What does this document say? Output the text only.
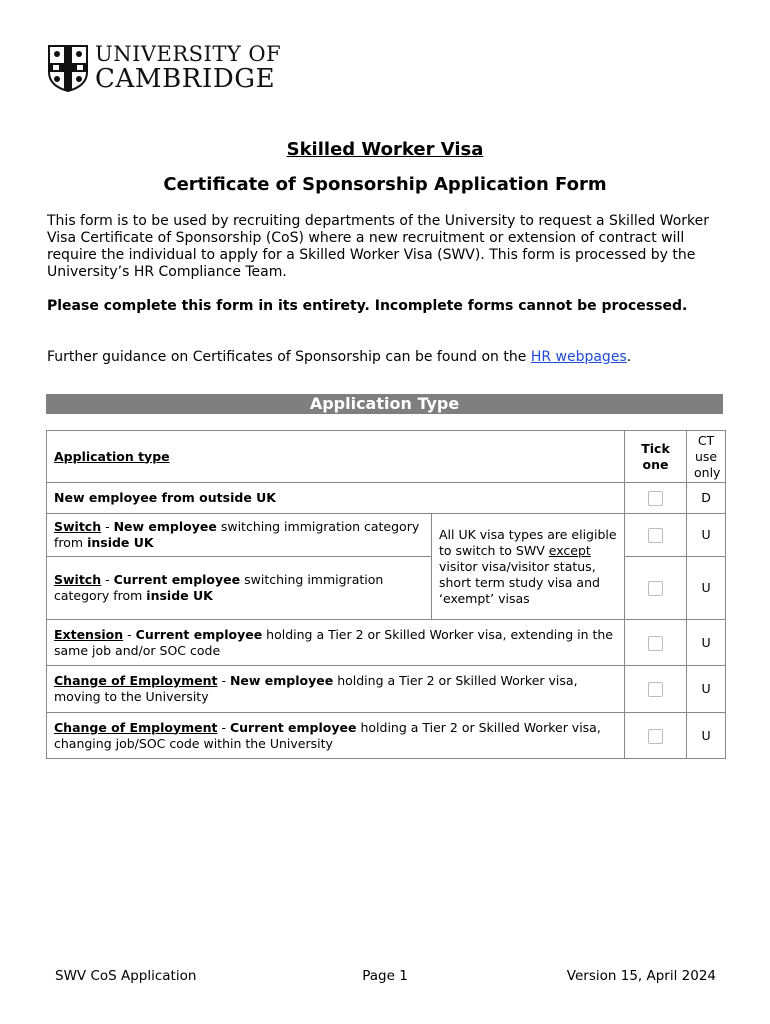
UNIVERSITY OF
CAMBRIDGE
Skilled Worker Visa
Certificate of Sponsorship Application Form
This form is to be used by recruiting departments of the University to request a Skilled Worker Visa Certificate of Sponsorship (CoS) where a new recruitment or extension of contract will require the individual to apply for a Skilled Worker Visa (SWV). This form is processed by the University’s HR Compliance Team.
Please complete this form in its entirety. Incomplete forms cannot be processed.
Further guidance on Certificates of Sponsorship can be found on the HR webpages.
Application Type
Application type		Tick one	CT use only
New employee from outside UK			D
Switch - New employee switching immigration category from inside UK	All UK visa types are eligible to switch to SWV except visitor visa/visitor status, short term study visa and ‘exempt’ visas		U
Switch - Current employee switching immigration category from inside UK			U
Extension - Current employee holding a Tier 2 or Skilled Worker visa, extending in the same job and/or SOC code			U
Change of Employment - New employee holding a Tier 2 or Skilled Worker visa, moving to the University			U
Change of Employment - Current employee holding a Tier 2 or Skilled Worker visa, changing job/SOC code within the University			U
SWV CoS Application	Page 1	Version 15, April 2024
